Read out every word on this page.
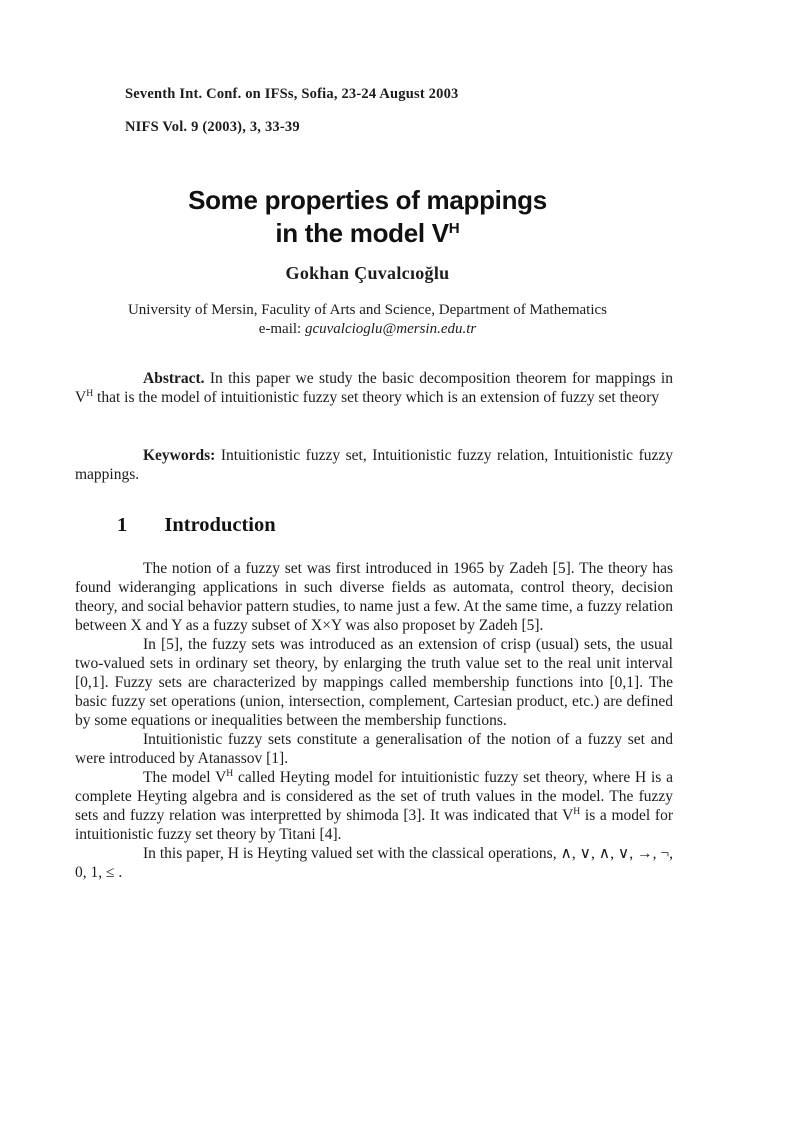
Seventh Int. Conf. on IFSs, Sofia, 23-24 August 2003
NIFS Vol. 9 (2003), 3, 33-39
Some properties of mappings
in the model $V^H$
Gokhan Çuvalcıoğlu
University of Mersin, Faculity of Arts and Science, Department of Mathematics
e-mail: gcuvalcioglu@mersin.edu.tr

Abstract. In this paper we study the basic decomposition theorem for mappings in $V^H$ that is the model of intuitionistic fuzzy set theory which is an extension of fuzzy set theory

Keywords: Intuitionistic fuzzy set, Intuitionistic fuzzy relation, Intuitionistic fuzzy mappings.

1 Introduction

The notion of a fuzzy set was first introduced in 1965 by Zadeh [5]. The theory has found wideranging applications in such diverse fields as automata, control theory, decision theory, and social behavior pattern studies, to name just a few. At the same time, a fuzzy relation between X and Y as a fuzzy subset of X×Y was also proposet by Zadeh [5].

In [5], the fuzzy sets was introduced as an extension of crisp (usual) sets, the usual two-valued sets in ordinary set theory, by enlarging the truth value set to the real unit interval [0,1]. Fuzzy sets are characterized by mappings called membership functions into [0,1]. The basic fuzzy set operations (union, intersection, complement, Cartesian product, etc.) are defined by some equations or inequalities between the membership functions.

Intuitionistic fuzzy sets constitute a generalisation of the notion of a fuzzy set and were introduced by Atanassov [1].

The model $V^H$ called Heyting model for intuitionistic fuzzy set theory, where H is a complete Heyting algebra and is considered as the set of truth values in the model. The fuzzy sets and fuzzy relation was interpretted by shimoda [3]. It was indicated that $V^H$ is a model for intuitionistic fuzzy set theory by Titani [4].

In this paper, H is Heyting valued set with the classical operations, ∧, ∨, ∧, ∨, →, ¬, 0, 1, ≤ .
